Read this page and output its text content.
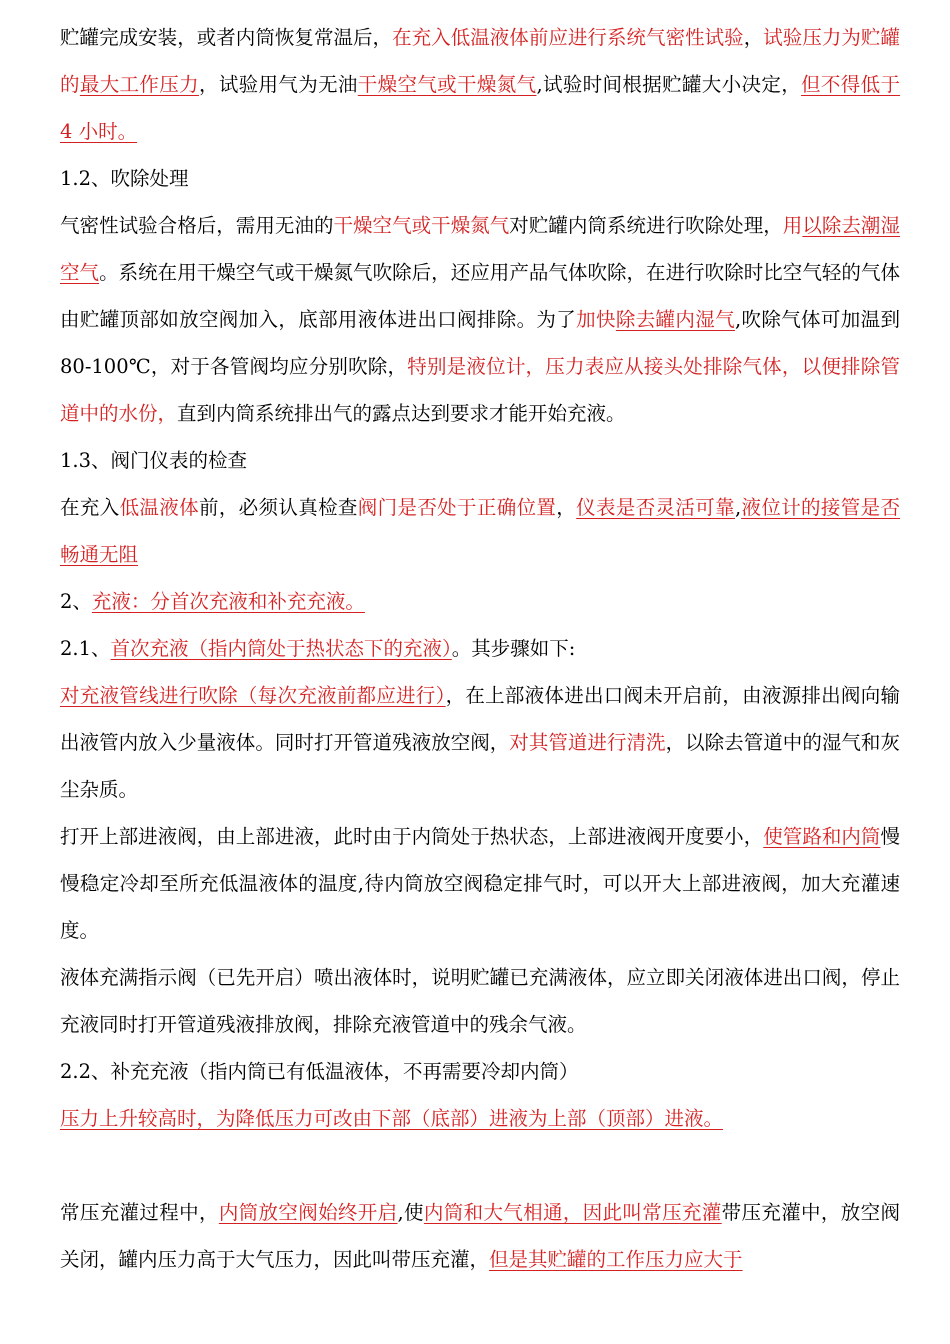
贮罐完成安装，或者内筒恢复常温后，在充入低温液体前应进行系统气密性试验，试验压力为贮罐的最大工作压力，试验用气为无油干燥空气或干燥氮气,试验时间根据贮罐大小决定，但不得低于 4 小时。

1.2、吹除处理

气密性试验合格后，需用无油的干燥空气或干燥氮气对贮罐内筒系统进行吹除处理，用以除去潮湿空气。系统在用干燥空气或干燥氮气吹除后，还应用产品气体吹除，在进行吹除时比空气轻的气体由贮罐顶部如放空阀加入，底部用液体进出口阀排除。为了加快除去罐内湿气,吹除气体可加温到 80-100℃，对于各管阀均应分别吹除，特别是液位计，压力表应从接头处排除气体，以便排除管道中的水份，直到内筒系统排出气的露点达到要求才能开始充液。

1.3、阀门仪表的检查

在充入低温液体前，必须认真检查阀门是否处于正确位置，仪表是否灵活可靠,液位计的接管是否畅通无阻

2、充液：分首次充液和补充充液。

2.1、首次充液（指内筒处于热状态下的充液）。其步骤如下:

对充液管线进行吹除（每次充液前都应进行），在上部液体进出口阀未开启前，由液源排出阀向输出液管内放入少量液体。同时打开管道残液放空阀，对其管道进行清洗，以除去管道中的湿气和灰尘杂质。

打开上部进液阀，由上部进液，此时由于内筒处于热状态，上部进液阀开度要小，使管路和内筒慢慢稳定冷却至所充低温液体的温度,待内筒放空阀稳定排气时，可以开大上部进液阀，加大充灌速度。

液体充满指示阀（已先开启）喷出液体时，说明贮罐已充满液体，应立即关闭液体进出口阀，停止充液同时打开管道残液排放阀，排除充液管道中的残余气液。

2.2、补充充液（指内筒已有低温液体，不再需要冷却内筒）

压力上升较高时，为降低压力可改由下部（底部）进液为上部（顶部）进液。

常压充灌过程中，内筒放空阀始终开启,使内筒和大气相通，因此叫常压充灌带压充灌中，放空阀关闭，罐内压力高于大气压力，因此叫带压充灌，但是其贮罐的工作压力应大于
